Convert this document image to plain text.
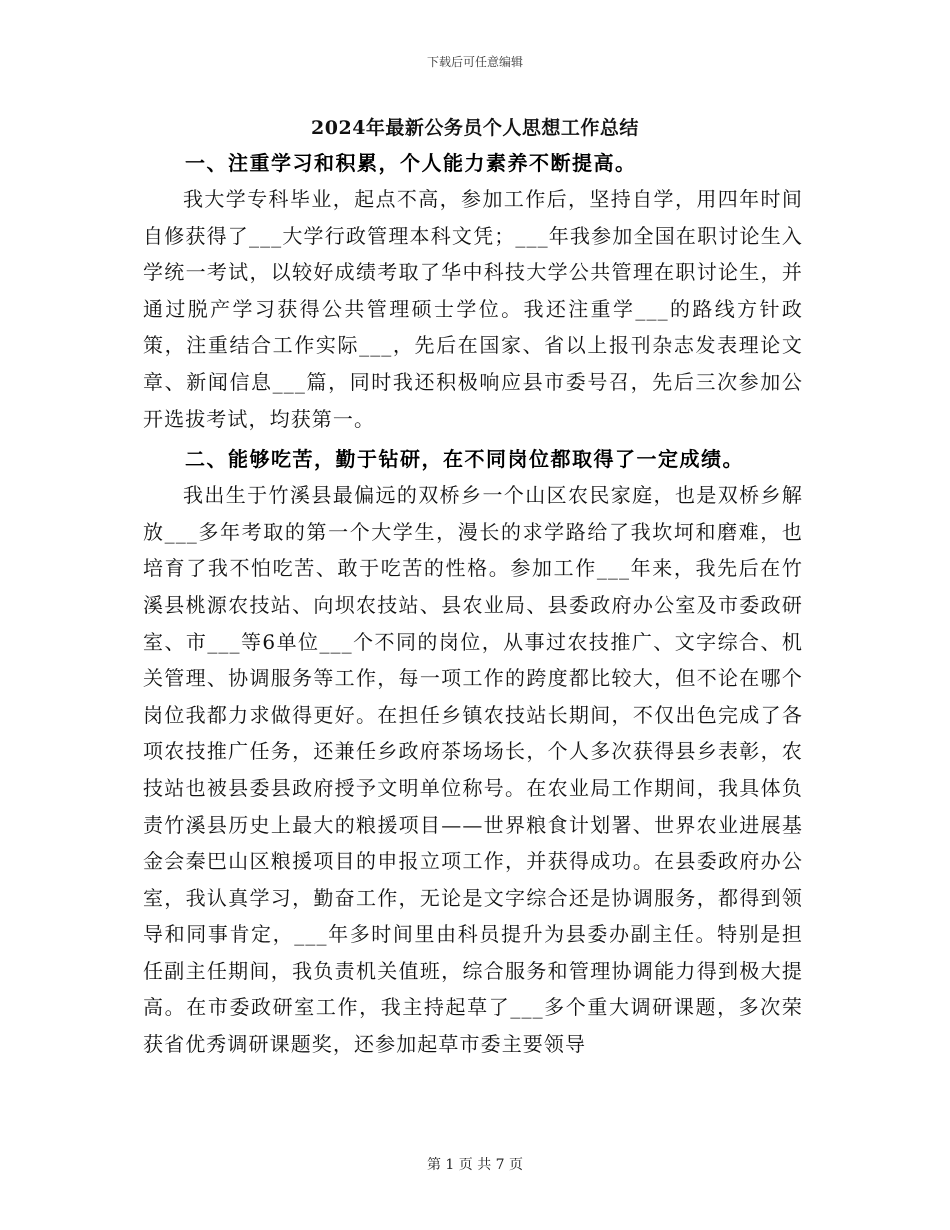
下载后可任意编辑
2024年最新公务员个人思想工作总结

一、注重学习和积累，个人能力素养不断提高。

我大学专科毕业，起点不高，参加工作后，坚持自学，用四年时间自修获得了___大学行政管理本科文凭；___年我参加全国在职讨论生入学统一考试，以较好成绩考取了华中科技大学公共管理在职讨论生，并通过脱产学习获得公共管理硕士学位。我还注重学___的路线方针政策，注重结合工作实际___，先后在国家、省以上报刊杂志发表理论文章、新闻信息___篇，同时我还积极响应县市委号召，先后三次参加公开选拔考试，均获第一。

二、能够吃苦，勤于钻研，在不同岗位都取得了一定成绩。

我出生于竹溪县最偏远的双桥乡一个山区农民家庭，也是双桥乡解放___多年考取的第一个大学生，漫长的求学路给了我坎坷和磨难，也培育了我不怕吃苦、敢于吃苦的性格。参加工作___年来，我先后在竹溪县桃源农技站、向坝农技站、县农业局、县委政府办公室及市委政研室、市___等6单位___个不同的岗位，从事过农技推广、文字综合、机关管理、协调服务等工作，每一项工作的跨度都比较大，但不论在哪个岗位我都力求做得更好。在担任乡镇农技站长期间，不仅出色完成了各项农技推广任务，还兼任乡政府茶场场长，个人多次获得县乡表彰，农技站也被县委县政府授予文明单位称号。在农业局工作期间，我具体负责竹溪县历史上最大的粮援项目——世界粮食计划署、世界农业进展基金会秦巴山区粮援项目的申报立项工作，并获得成功。在县委政府办公室，我认真学习，勤奋工作，无论是文字综合还是协调服务，都得到领导和同事肯定，___年多时间里由科员提升为县委办副主任。特别是担任副主任期间，我负责机关值班，综合服务和管理协调能力得到极大提高。在市委政研室工作，我主持起草了___多个重大调研课题，多次荣获省优秀调研课题奖，还参加起草市委主要领导

第 1 页 共 7 页
